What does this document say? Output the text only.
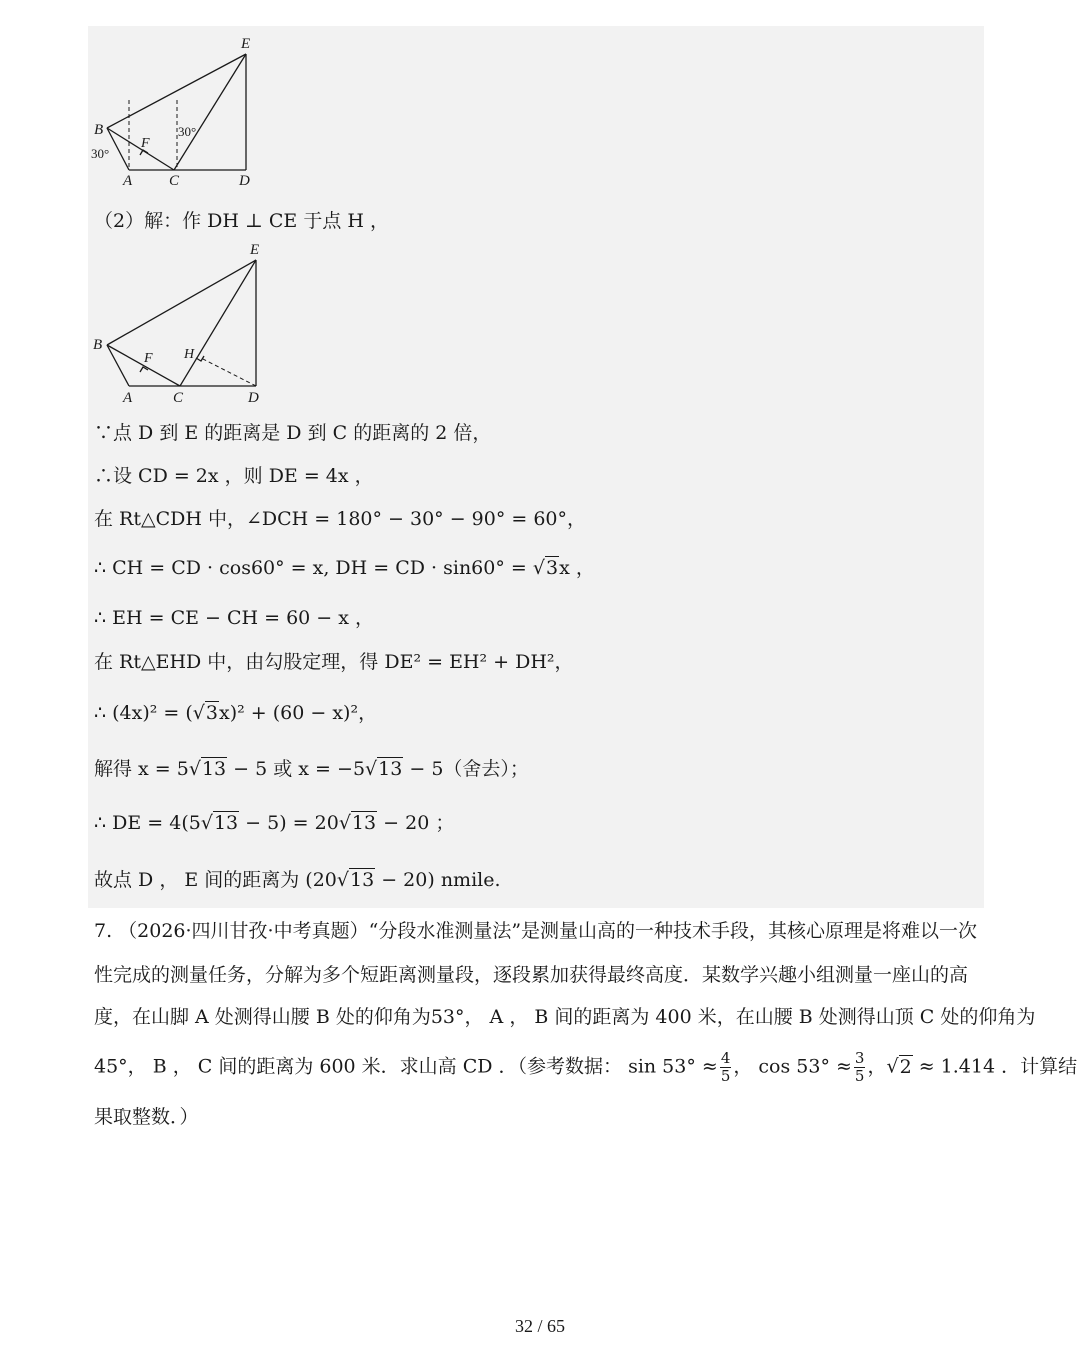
E
B
F
A C	D
30°
30°
（2）解：作 DH ⊥ CE 于点 H ，
E
B
F H
A	C	D
∵点 D 到 E 的距离是 D 到 C 的距离的 2 倍，
∴设 CD = 2x ，则 DE = 4x ，
在 Rt△CDH 中，∠DCH = 180° − 30° − 90° = 60°，
∴ CH = CD · cos60° = x, DH = CD · sin60° = √3x ，
∴ EH = CE − CH = 60 − x ，
在 Rt△EHD 中，由勾股定理，得 DE² = EH² + DH²，
∴ (4x)² = (√3x)² + (60 − x)²，
解得 x = 5√13 − 5 或 x = −5√13 − 5（舍去）；
∴ DE = 4(5√13 − 5) = 20√13 − 20 ；
故点 D ， E 间的距离为 (20√13 − 20) nmile.
7. （2026·四川甘孜·中考真题）“分段水准测量法”是测量山高的一种技术手段，其核心原理是将难以一次
性完成的测量任务，分解为多个短距离测量段，逐段累加获得最终高度．某数学兴趣小组测量一座山的高
度，在山脚 A 处测得山腰 B 处的仰角为53°， A ， B 间的距离为 400 米，在山腰 B 处测得山顶 C 处的仰角为
45°， B ， C 间的距离为 600 米．求山高 CD ．（参考数据： $\sin 53^\circ \approx \frac{4}{5}$ ， $\cos 53^\circ \approx \frac{3}{5}$ ，√2 ≈ 1.414 ．计算结
果取整数．）
32 / 65
